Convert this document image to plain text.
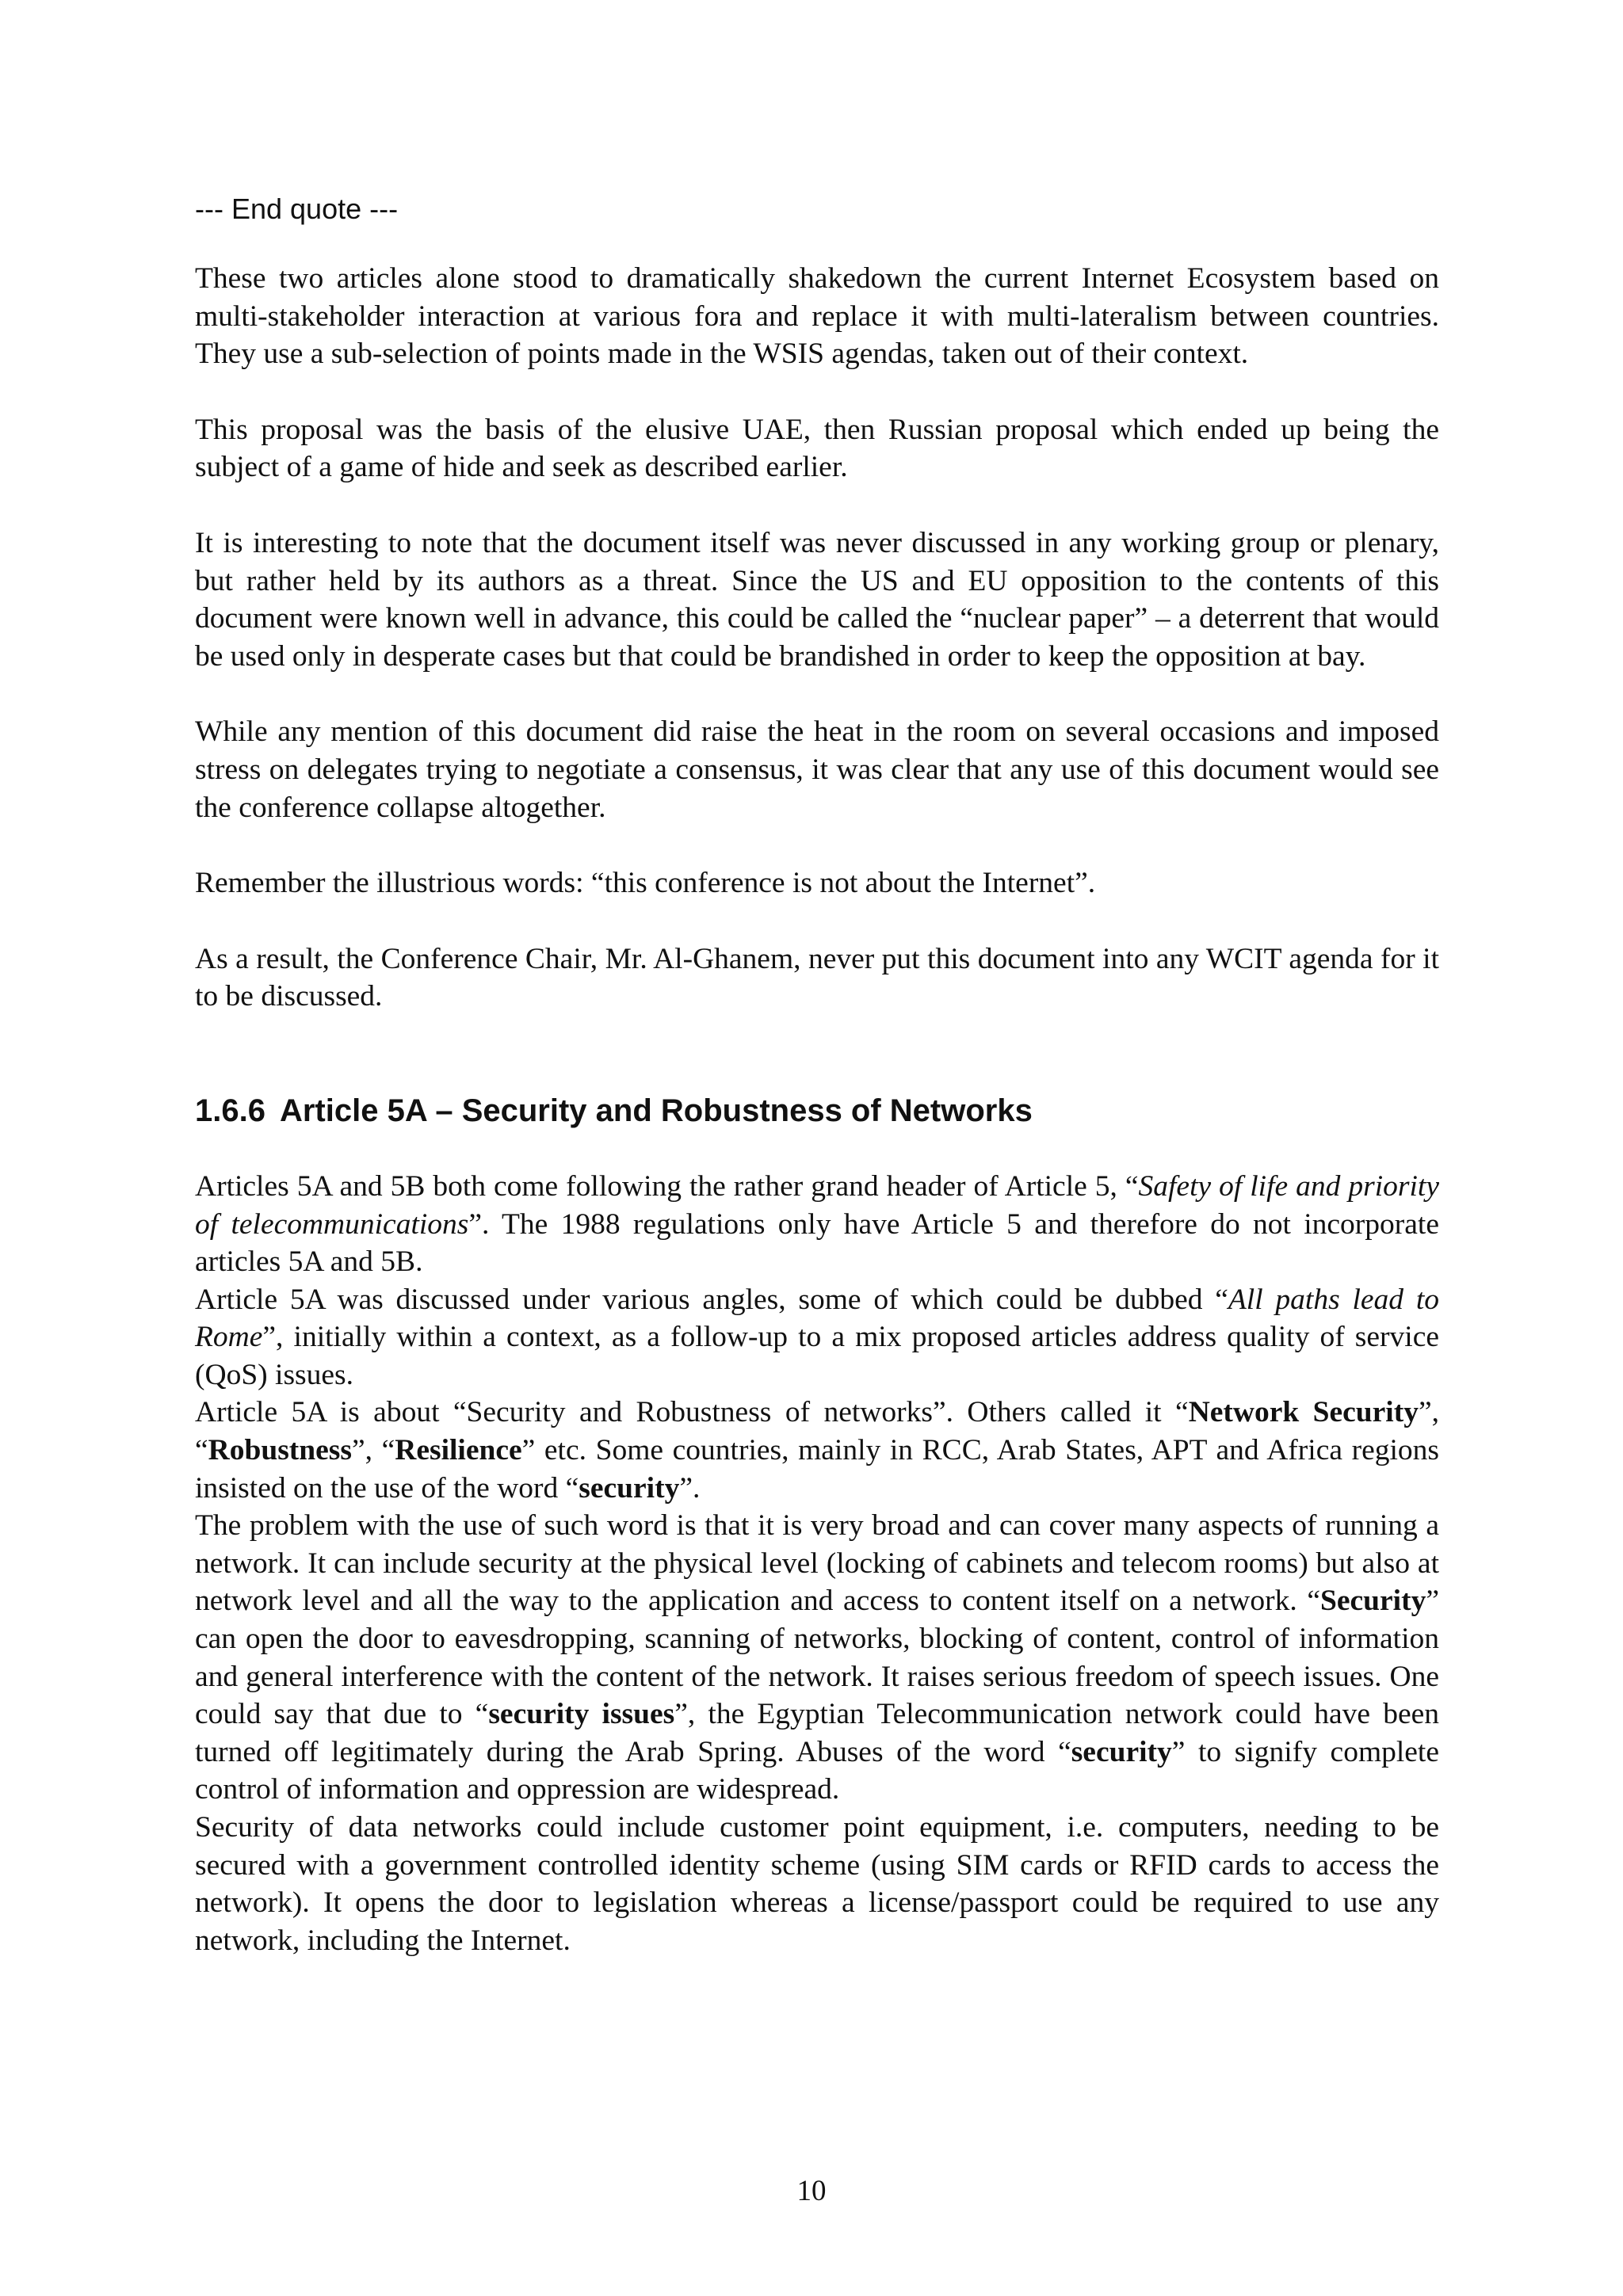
--- End quote ---

These two articles alone stood to dramatically shakedown the current Internet Ecosystem based on multi-stakeholder interaction at various fora and replace it with multi-lateralism between countries. They use a sub-selection of points made in the WSIS agendas, taken out of their context.

This proposal was the basis of the elusive UAE, then Russian proposal which ended up being the subject of a game of hide and seek as described earlier.

It is interesting to note that the document itself was never discussed in any working group or plenary, but rather held by its authors as a threat. Since the US and EU opposition to the contents of this document were known well in advance, this could be called the “nuclear paper” – a deterrent that would be used only in desperate cases but that could be brandished in order to keep the opposition at bay.

While any mention of this document did raise the heat in the room on several occasions and imposed stress on delegates trying to negotiate a consensus, it was clear that any use of this document would see the conference collapse altogether.

Remember the illustrious words: “this conference is not about the Internet”.

As a result, the Conference Chair, Mr. Al-Ghanem, never put this document into any WCIT agenda for it to be discussed.

1.6.6 Article 5A – Security and Robustness of Networks

Articles 5A and 5B both come following the rather grand header of Article 5, “Safety of life and priority of telecommunications”. The 1988 regulations only have Article 5 and therefore do not incorporate articles 5A and 5B.

Article 5A was discussed under various angles, some of which could be dubbed “All paths lead to Rome”, initially within a context, as a follow-up to a mix proposed articles address quality of service (QoS) issues.

Article 5A is about “Security and Robustness of networks”. Others called it “Network Security”, “Robustness”, “Resilience” etc. Some countries, mainly in RCC, Arab States, APT and Africa regions insisted on the use of the word “security”.

The problem with the use of such word is that it is very broad and can cover many aspects of running a network. It can include security at the physical level (locking of cabinets and telecom rooms) but also at network level and all the way to the application and access to content itself on a network. “Security” can open the door to eavesdropping, scanning of networks, blocking of content, control of information and general interference with the content of the network. It raises serious freedom of speech issues. One could say that due to “security issues”, the Egyptian Telecommunication network could have been turned off legitimately during the Arab Spring. Abuses of the word “security” to signify complete control of information and oppression are widespread.

Security of data networks could include customer point equipment, i.e. computers, needing to be secured with a government controlled identity scheme (using SIM cards or RFID cards to access the network). It opens the door to legislation whereas a license/passport could be required to use any network, including the Internet.

10
